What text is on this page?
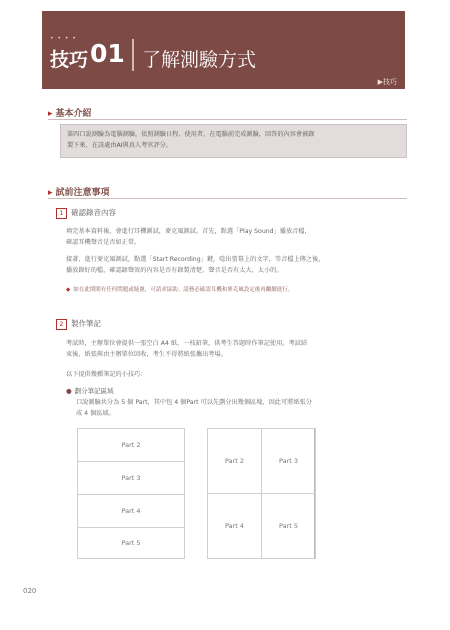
• • • •
技巧 01 了解測驗方式
▶技巧
▸ 基本介紹
第四口說測驗為電腦測驗，依照測驗日程、使用者，在電腦前完成測驗，回答的內容會被錄
製下來，在該處由AI與真人考官評分。
▸ 試前注意事項
1 確認錄音內容
填完基本資料後，會進行耳機測試，麥克風測試。首先，點選「Play Sound」播放音檔，
確認耳機聲音是否如正常。
接著，進行麥克風測試，點選「Start Recording」鍵，唸出螢幕上的文字，等音檔上傳之後，
播放錄好的檔，確認錄聲效的內容是否有錄製清楚，聲音是否有太大、太小的。
◆ 如在此期間有任何問題或疑慮，可請求協助。請務必確認耳機和麥克風設定後再繼續進行。
2 製作筆記
考試時，主辦單位會提供一張空白 A4 紙，一枝鉛筆，供考生答題時作筆記使用。考試結
束後，紙張與由主辦單位回收，考生不得將紙張攜出考場。
以下提供幾種筆記的小技巧：
● 劃分筆記區域
口說測驗共分為 5 個 Part，其中包 4 個Part 可以先劃分出幾個區塊，因此可將紙張分
成 4 個區域。
Part 2
Part 3
Part 4
Part 5
Part 2	Part 3
Part 4	Part 5
020
